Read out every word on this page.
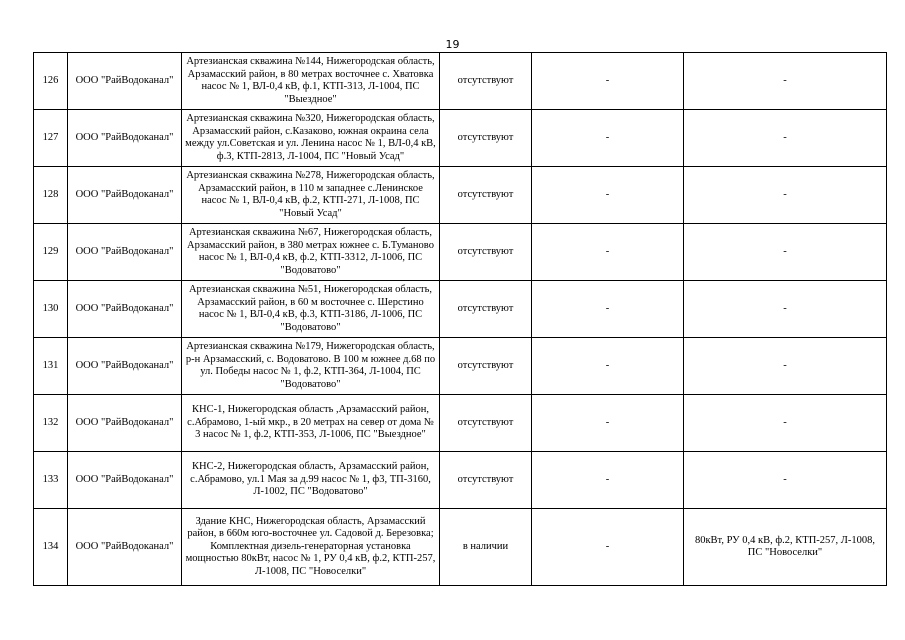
19
126	ООО "РайВодоканал"	Артезианская скважина №144, Нижегородская область, Арзамасский район, в 80 метрах восточнее с. Хватовка насос № 1, ВЛ-0,4 кВ, ф.1, КТП-313, Л-1004, ПС "Выездное"	отсутствуют	-	-
127	ООО "РайВодоканал"	Артезианская скважина №320, Нижегородская область, Арзамасский район, с.Казаково, южная окраина села между ул.Советская и ул. Ленина насос № 1, ВЛ-0,4 кВ, ф.3, КТП-2813, Л-1004, ПС "Новый Усад"	отсутствуют	-	-
128	ООО "РайВодоканал"	Артезианская скважина №278, Нижегородская область, Арзамасский район, в 110 м западнее с.Ленинское насос № 1, ВЛ-0,4 кВ, ф.2, КТП-271, Л-1008, ПС "Новый Усад"	отсутствуют	-	-
129	ООО "РайВодоканал"	Артезианская скважина №67, Нижегородская область, Арзамасский район, в 380 метрах южнее с. Б.Туманово насос № 1, ВЛ-0,4 кВ, ф.2, КТП-3312, Л-1006, ПС "Водоватово"	отсутствуют	-	-
130	ООО "РайВодоканал"	Артезианская скважина №51, Нижегородская область, Арзамасский район, в 60 м восточнее с. Шерстино насос № 1, ВЛ-0,4 кВ, ф.3, КТП-3186, Л-1006, ПС "Водоватово"	отсутствуют	-	-
131	ООО "РайВодоканал"	Артезианская скважина №179, Нижегородская область, р-н Арзамасский, с. Водоватово. В 100 м южнее д.68 по ул. Победы насос № 1, ф.2, КТП-364, Л-1004, ПС "Водоватово"	отсутствуют	-	-
132	ООО "РайВодоканал"	КНС-1, Нижегородская область ,Арзамасский район, с.Абрамово, 1-ый мкр., в 20 метрах на север от дома № 3 насос № 1, ф.2, КТП-353, Л-1006, ПС "Выездное"	отсутствуют	-	-
133	ООО "РайВодоканал"	КНС-2, Нижегородская область, Арзамасский район, с.Абрамово, ул.1 Мая за д.99 насос № 1, ф3, ТП-3160, Л-1002, ПС "Водоватово"	отсутствуют	-	-
134	ООО "РайВодоканал"	Здание КНС, Нижегородская область, Арзамасский район, в 660м юго-восточнее ул. Садовой д. Березовка; Комплектная дизель-генераторная установка мощностью 80кВт, насос № 1, РУ 0,4 кВ, ф.2, КТП-257, Л-1008, ПС "Новоселки"	в наличии	-	80кВт, РУ 0,4 кВ, ф.2, КТП-257, Л-1008, ПС "Новоселки"
